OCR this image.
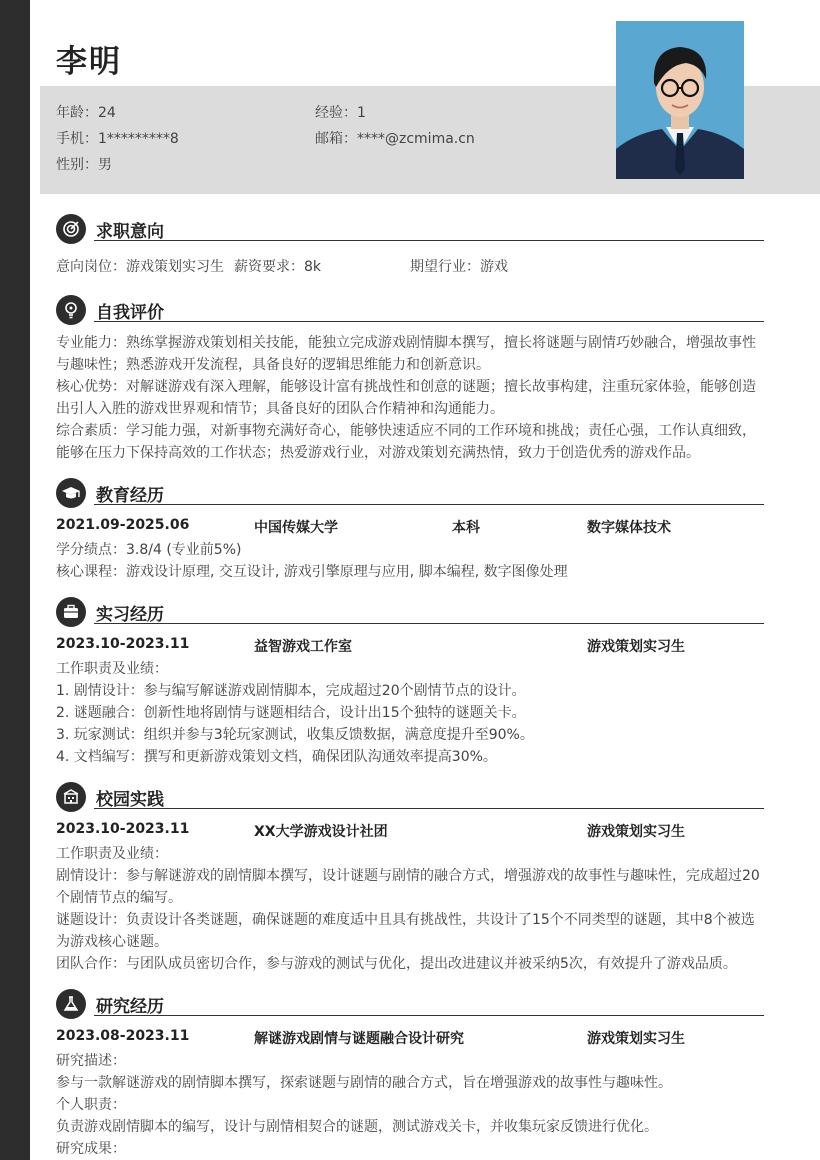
李明
年龄：24	经验：1
手机：1*********8	邮箱：****@zcmima.cn
性别：男
求职意向
意向岗位：游戏策划实习生 薪资要求：8k	期望行业：游戏
自我评价
专业能力：熟练掌握游戏策划相关技能，能独立完成游戏剧情脚本撰写，擅长将谜题与剧情巧妙融合，增强故事性与趣味性；熟悉游戏开发流程，具备良好的逻辑思维能力和创新意识。
核心优势：对解谜游戏有深入理解，能够设计富有挑战性和创意的谜题；擅长故事构建，注重玩家体验，能够创造出引人入胜的游戏世界观和情节；具备良好的团队合作精神和沟通能力。
综合素质：学习能力强，对新事物充满好奇心，能够快速适应不同的工作环境和挑战；责任心强，工作认真细致，能够在压力下保持高效的工作状态；热爱游戏行业，对游戏策划充满热情，致力于创造优秀的游戏作品。
教育经历
2021.09-2025.06	中国传媒大学	本科	数字媒体技术
学分绩点：3.8/4 (专业前5%)
核心课程：游戏设计原理, 交互设计, 游戏引擎原理与应用, 脚本编程, 数字图像处理
实习经历
2023.10-2023.11	益智游戏工作室	游戏策划实习生
工作职责及业绩：
1. 剧情设计：参与编写解谜游戏剧情脚本，完成超过20个剧情节点的设计。
2. 谜题融合：创新性地将剧情与谜题相结合，设计出15个独特的谜题关卡。
3. 玩家测试：组织并参与3轮玩家测试，收集反馈数据，满意度提升至90%。
4. 文档编写：撰写和更新游戏策划文档，确保团队沟通效率提高30%。
校园实践
2023.10-2023.11	XX大学游戏设计社团	游戏策划实习生
工作职责及业绩：
剧情设计：参与解谜游戏的剧情脚本撰写，设计谜题与剧情的融合方式，增强游戏的故事性与趣味性，完成超过20个剧情节点的编写。
谜题设计：负责设计各类谜题，确保谜题的难度适中且具有挑战性，共设计了15个不同类型的谜题，其中8个被选为游戏核心谜题。
团队合作：与团队成员密切合作，参与游戏的测试与优化，提出改进建议并被采纳5次，有效提升了游戏品质。
研究经历
2023.08-2023.11	解谜游戏剧情与谜题融合设计研究	游戏策划实习生
研究描述：
参与一款解谜游戏的剧情脚本撰写，探索谜题与剧情的融合方式，旨在增强游戏的故事性与趣味性。
个人职责：
负责游戏剧情脚本的编写，设计与剧情相契合的谜题，测试游戏关卡，并收集玩家反馈进行优化。
研究成果：
